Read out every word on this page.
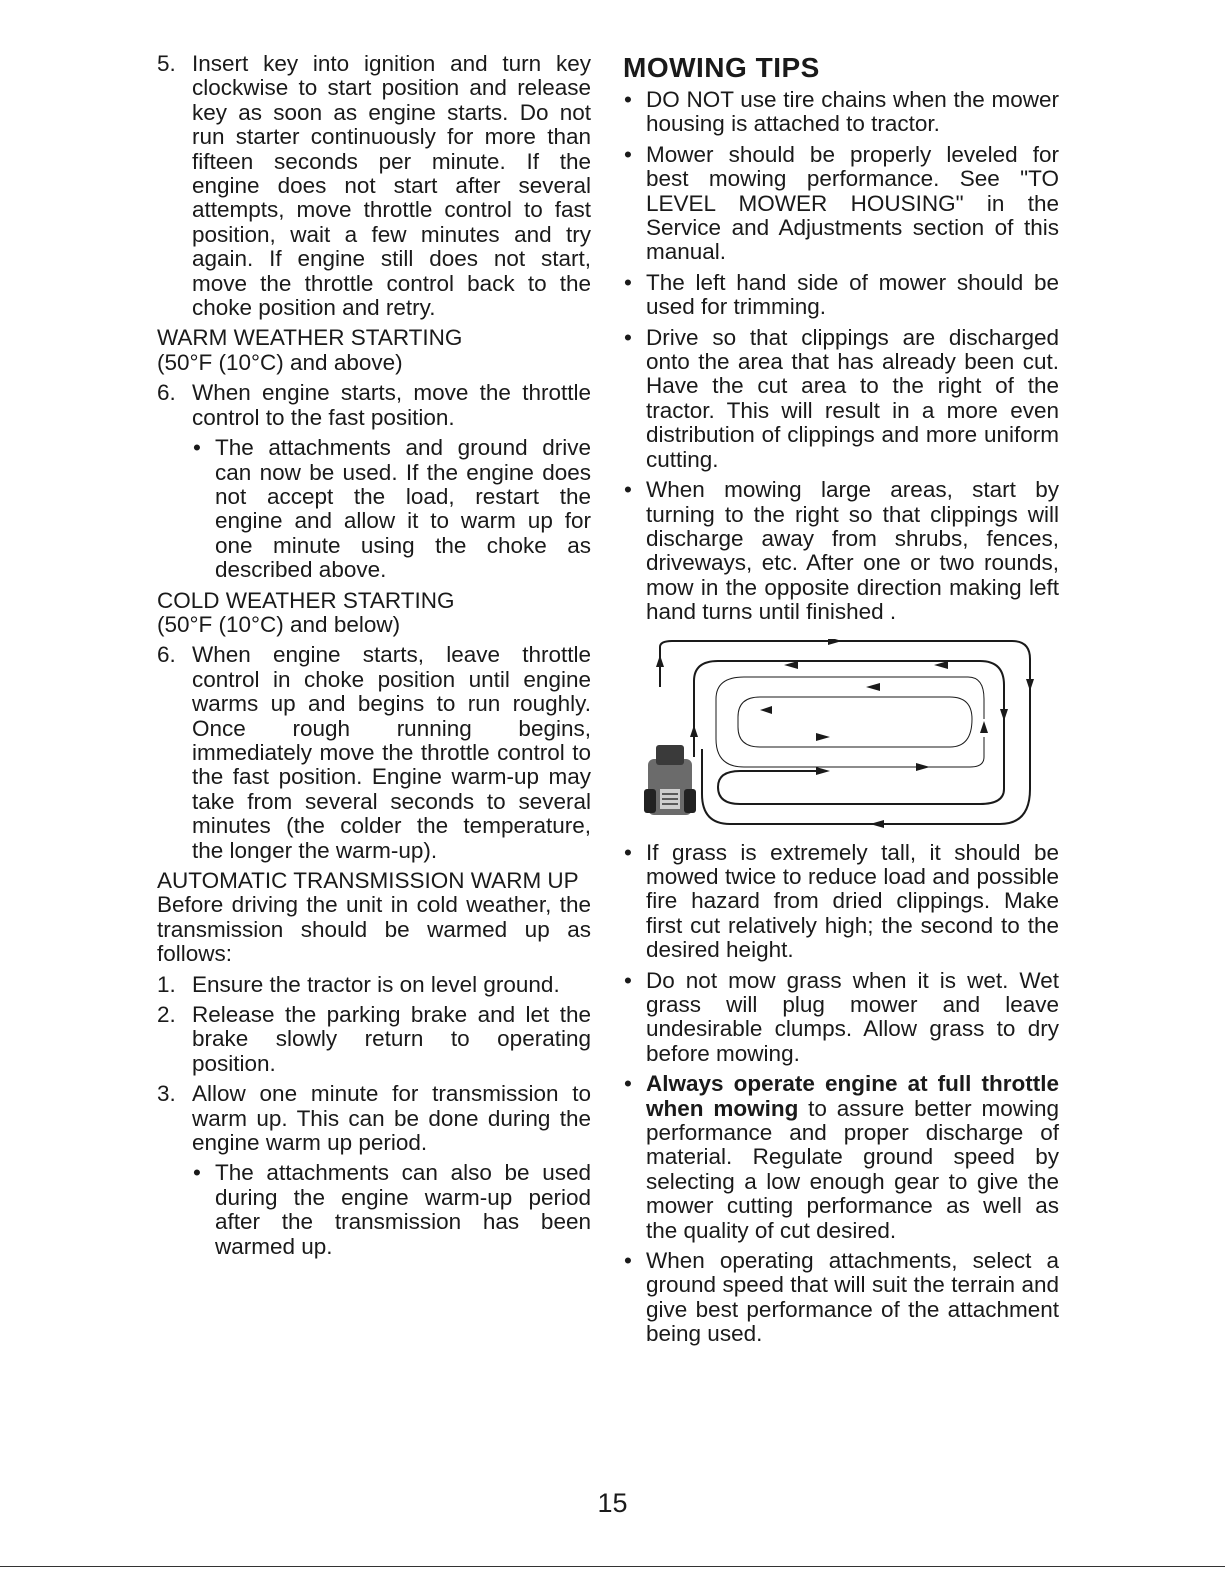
5. Insert key into ignition and turn key clockwise to start position and release key as soon as engine starts. Do not run starter continuously for more than fifteen seconds per minute. If the engine does not start after several attempts, move throttle control to fast position, wait a few minutes and try again. If engine still does not start, move the throttle control back to the choke position and retry.

WARM WEATHER STARTING

(50°F (10°C) and above)

6. When engine starts, move the throttle control to the fast position.

• The attachments and ground drive can now be used. If the engine does not accept the load, restart the engine and allow it to warm up for one minute using the choke as described above.

COLD WEATHER STARTING

(50°F (10°C) and below)

6. When engine starts, leave throttle control in choke position until engine warms up and begins to run roughly. Once rough running begins, immediately move the throttle control to the fast position. Engine warm-up may take from several seconds to several minutes (the colder the temperature, the longer the warm-up).

AUTOMATIC TRANSMISSION WARM UP

Before driving the unit in cold weather, the transmission should be warmed up as follows:

1. Ensure the tractor is on level ground.

2. Release the parking brake and let the brake slowly return to operating position.

3. Allow one minute for transmission to warm up. This can be done during the engine warm up period.

• The attachments can also be used during the engine warm-up period after the transmission has been warmed up.

MOWING TIPS
• DO NOT use tire chains when the mower housing is attached to tractor.

• Mower should be properly leveled for best mowing performance. See "TO LEVEL MOWER HOUSING" in the Service and Adjustments section of this manual.

• The left hand side of mower should be used for trimming.

• Drive so that clippings are discharged onto the area that has already been cut. Have the cut area to the right of the tractor. This will result in a more even distribution of clippings and more uniform cutting.

• When mowing large areas, start by turning to the right so that clippings will discharge away from shrubs, fences, driveways, etc. After one or two rounds, mow in the opposite direction making left hand turns until finished .

• If grass is extremely tall, it should be mowed twice to reduce load and possible fire hazard from dried clippings. Make first cut relatively high; the second to the desired height.

• Do not mow grass when it is wet. Wet grass will plug mower and leave undesirable clumps. Allow grass to dry before mowing.

• Always operate engine at full throttle when mowing to assure better mowing performance and proper discharge of material. Regulate ground speed by selecting a low enough gear to give the mower cutting performance as well as the quality of cut desired.

• When operating attachments, select a ground speed that will suit the terrain and give best performance of the attachment being used.

15
